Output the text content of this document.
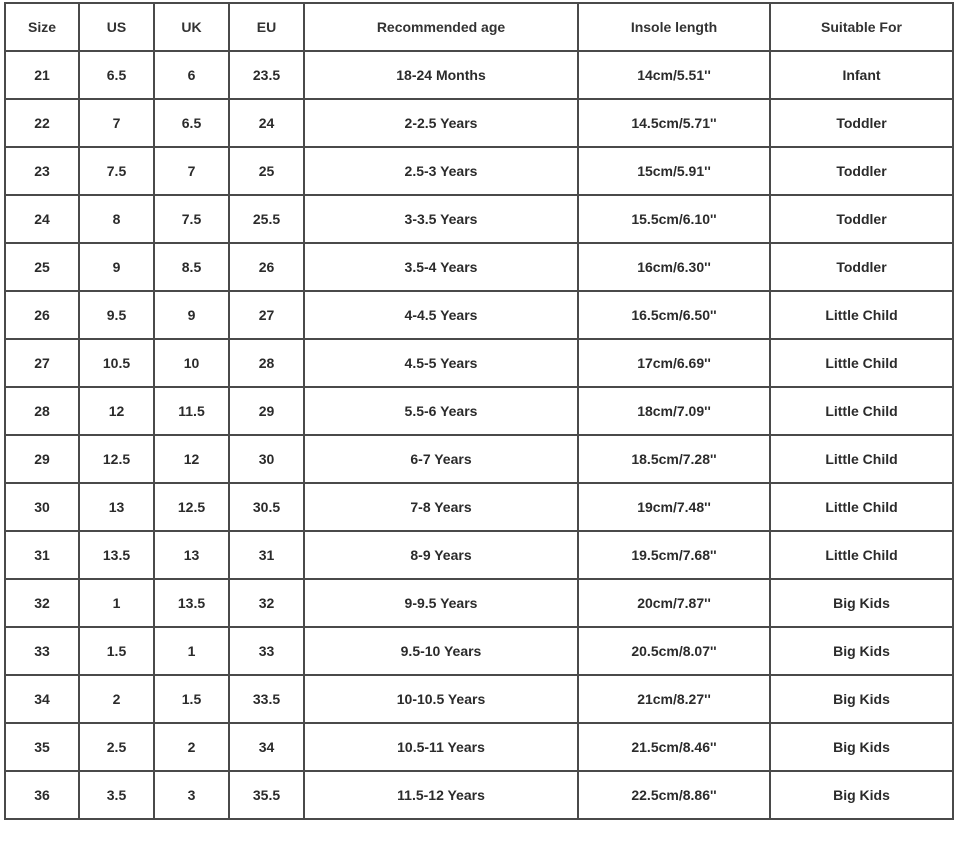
Size	US	UK	EU	Recommended age	Insole length	Suitable For
21	6.5	6	23.5	18-24 Months	14cm/5.51''	Infant
22	7	6.5	24	2-2.5 Years	14.5cm/5.71''	Toddler
23	7.5	7	25	2.5-3 Years	15cm/5.91''	Toddler
24	8	7.5	25.5	3-3.5 Years	15.5cm/6.10''	Toddler
25	9	8.5	26	3.5-4 Years	16cm/6.30''	Toddler
26	9.5	9	27	4-4.5 Years	16.5cm/6.50''	Little Child
27	10.5	10	28	4.5-5 Years	17cm/6.69''	Little Child
28	12	11.5	29	5.5-6 Years	18cm/7.09''	Little Child
29	12.5	12	30	6-7 Years	18.5cm/7.28''	Little Child
30	13	12.5	30.5	7-8 Years	19cm/7.48''	Little Child
31	13.5	13	31	8-9 Years	19.5cm/7.68''	Little Child
32	1	13.5	32	9-9.5 Years	20cm/7.87''	Big Kids
33	1.5	1	33	9.5-10 Years	20.5cm/8.07''	Big Kids
34	2	1.5	33.5	10-10.5 Years	21cm/8.27''	Big Kids
35	2.5	2	34	10.5-11 Years	21.5cm/8.46''	Big Kids
36	3.5	3	35.5	11.5-12 Years	22.5cm/8.86''	Big Kids
